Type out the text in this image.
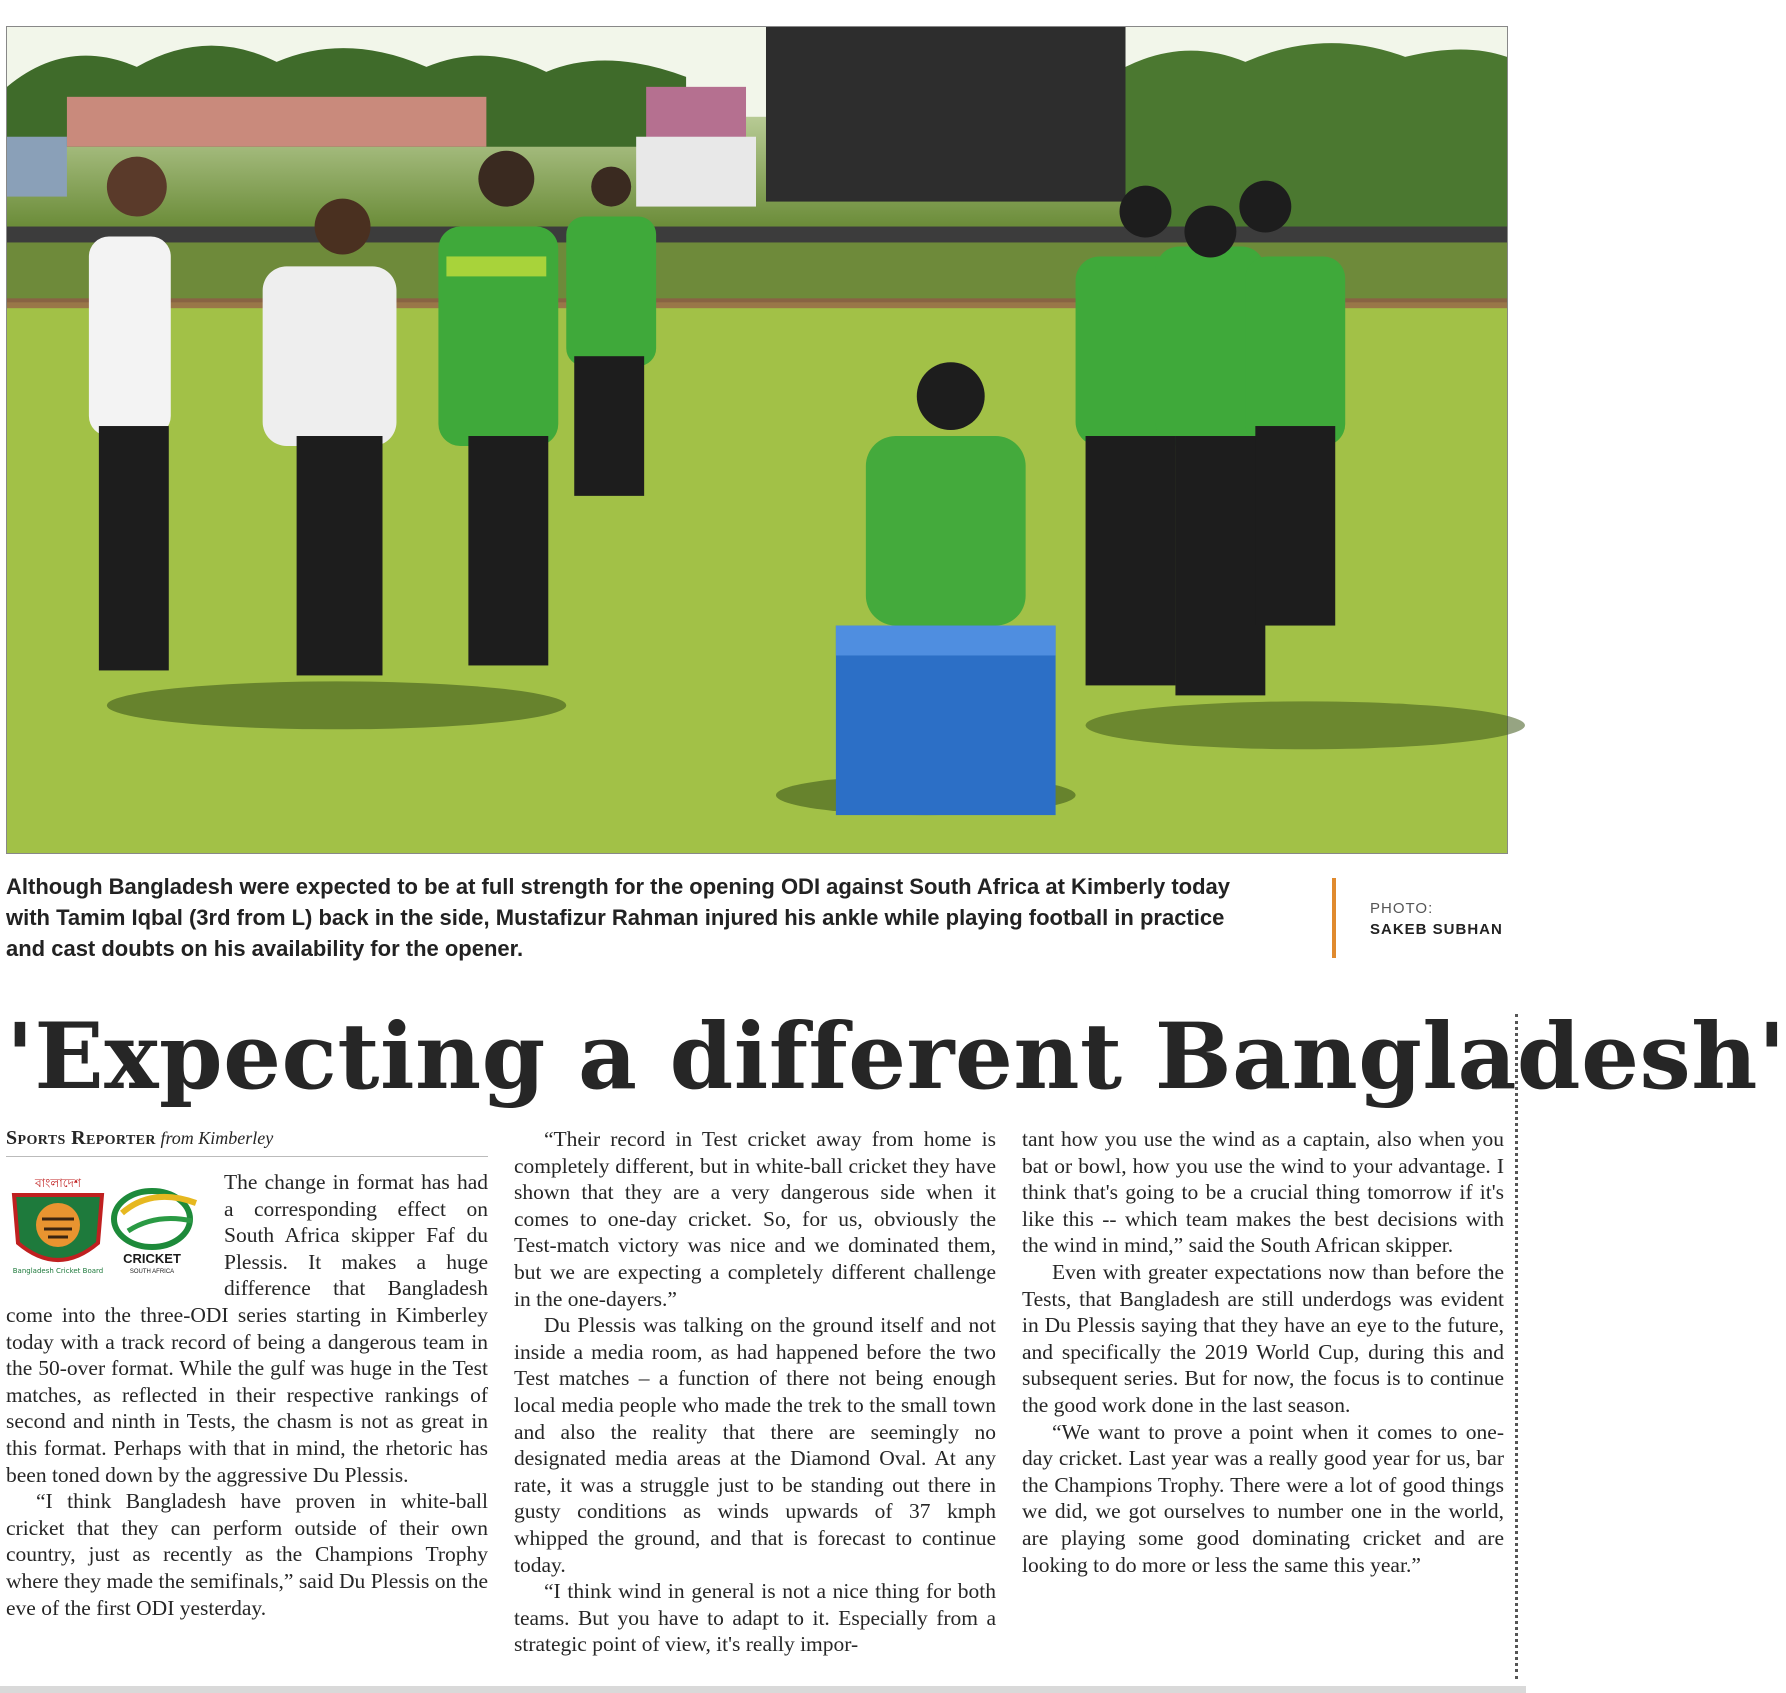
Although Bangladesh were expected to be at full strength for the opening ODI against South Africa at Kimberly today with Tamim Iqbal (3rd from L) back in the side, Mustafizur Rahman injured his ankle while playing football in practice and cast doubts on his availability for the opener.

PHOTO:
SAKEB SUBHAN
'Expecting a different Bangladesh'

Sports Reporter from Kimberley

বাংলাদেশ
Bangladesh Cricket Board
CRICKET
SOUTH AFRICA

The change in format has had a corresponding effect on South Africa skipper Faf du Plessis. It makes a huge difference that Bangladesh come into the three-ODI series starting in Kimberley today with a track record of being a dangerous team in the 50-over format. While the gulf was huge in the Test matches, as reflected in their respective rankings of second and ninth in Tests, the chasm is not as great in this format. Perhaps with that in mind, the rhetoric has been toned down by the aggressive Du Plessis.

“I think Bangladesh have proven in white-ball cricket that they can perform outside of their own country, just as recently as the Champions Trophy where they made the semifinals,” said Du Plessis on the eve of the first ODI yesterday.

“Their record in Test cricket away from home is completely different, but in white-ball cricket they have shown that they are a very dangerous side when it comes to one-day cricket. So, for us, obviously the Test-match victory was nice and we dominated them, but we are expecting a completely different challenge in the one-dayers.”

Du Plessis was talking on the ground itself and not inside a media room, as had happened before the two Test matches – a function of there not being enough local media people who made the trek to the small town and also the reality that there are seemingly no designated media areas at the Diamond Oval. At any rate, it was a struggle just to be standing out there in gusty conditions as winds upwards of 37 kmph whipped the ground, and that is forecast to continue today.

“I think wind in general is not a nice thing for both teams. But you have to adapt to it. Especially from a strategic point of view, it's really impor-

tant how you use the wind as a captain, also when you bat or bowl, how you use the wind to your advantage. I think that's going to be a crucial thing tomorrow if it's like this -- which team makes the best decisions with the wind in mind,” said the South African skipper.

Even with greater expectations now than before the Tests, that Bangladesh are still underdogs was evident in Du Plessis saying that they have an eye to the future, and specifically the 2019 World Cup, during this and subsequent series. But for now, the focus is to continue the good work done in the last season.

“We want to prove a point when it comes to one-day cricket. Last year was a really good year for us, bar the Champions Trophy. There were a lot of good things we did, we got ourselves to number one in the world, are playing some good dominating cricket and are looking to do more or less the same this year.”
